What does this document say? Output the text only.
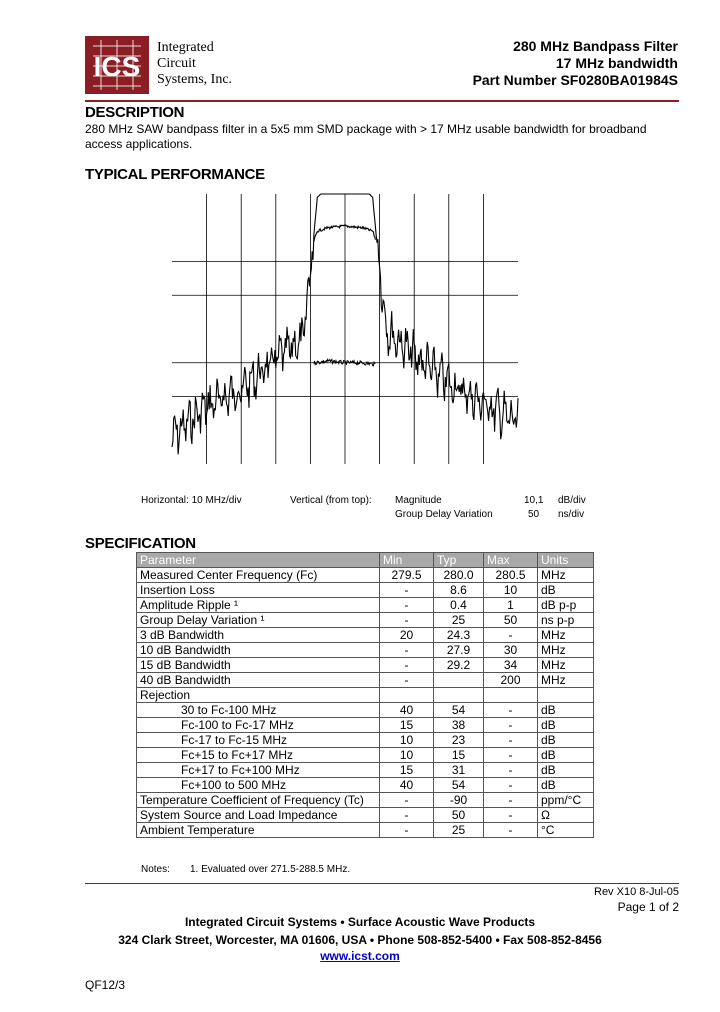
ICS
Integrated
Circuit
Systems, Inc.
280 MHz Bandpass Filter
17 MHz bandwidth
Part Number SF0280BA01984S
DESCRIPTION
280 MHz SAW bandpass filter in a 5x5 mm SMD package with > 17 MHz usable bandwidth for broadband access applications.
TYPICAL PERFORMANCE
Horizontal: 10 MHz/div	Vertical (from top): Magnitude	10,1 dB/div
Group Delay Variation	50 ns/div
SPECIFICATION
Parameter	Min	Typ	Max	Units
Measured Center Frequency (Fc)	279.5	280.0	280.5	MHz
Insertion Loss	-	8.6	10	dB
Amplitude Ripple ¹	-	0.4	1	dB p-p
Group Delay Variation ¹	-	25	50	ns p-p
3 dB Bandwidth	20	24.3	-	MHz
10 dB Bandwidth	-	27.9	30	MHz
15 dB Bandwidth	-	29.2	34	MHz
40 dB Bandwidth	-		200	MHz
Rejection				
30 to Fc-100 MHz	40	54	-	dB
Fc-100 to Fc-17 MHz	15	38	-	dB
Fc-17 to Fc-15 MHz	10	23	-	dB
Fc+15 to Fc+17 MHz	10	15	-	dB
Fc+17 to Fc+100 MHz	15	31	-	dB
Fc+100 to 500 MHz	40	54	-	dB
Temperature Coefficient of Frequency (Tc)	-	-90	-	ppm/°C
System Source and Load Impedance	-	50	-	Ω
Ambient Temperature	-	25	-	°C
Notes: 1. Evaluated over 271.5-288.5 MHz.
Rev X10 8-Jul-05
Page 1 of 2
Integrated Circuit Systems • Surface Acoustic Wave Products
324 Clark Street, Worcester, MA 01606, USA • Phone 508-852-5400 • Fax 508-852-8456
www.icst.com
QF12/3
